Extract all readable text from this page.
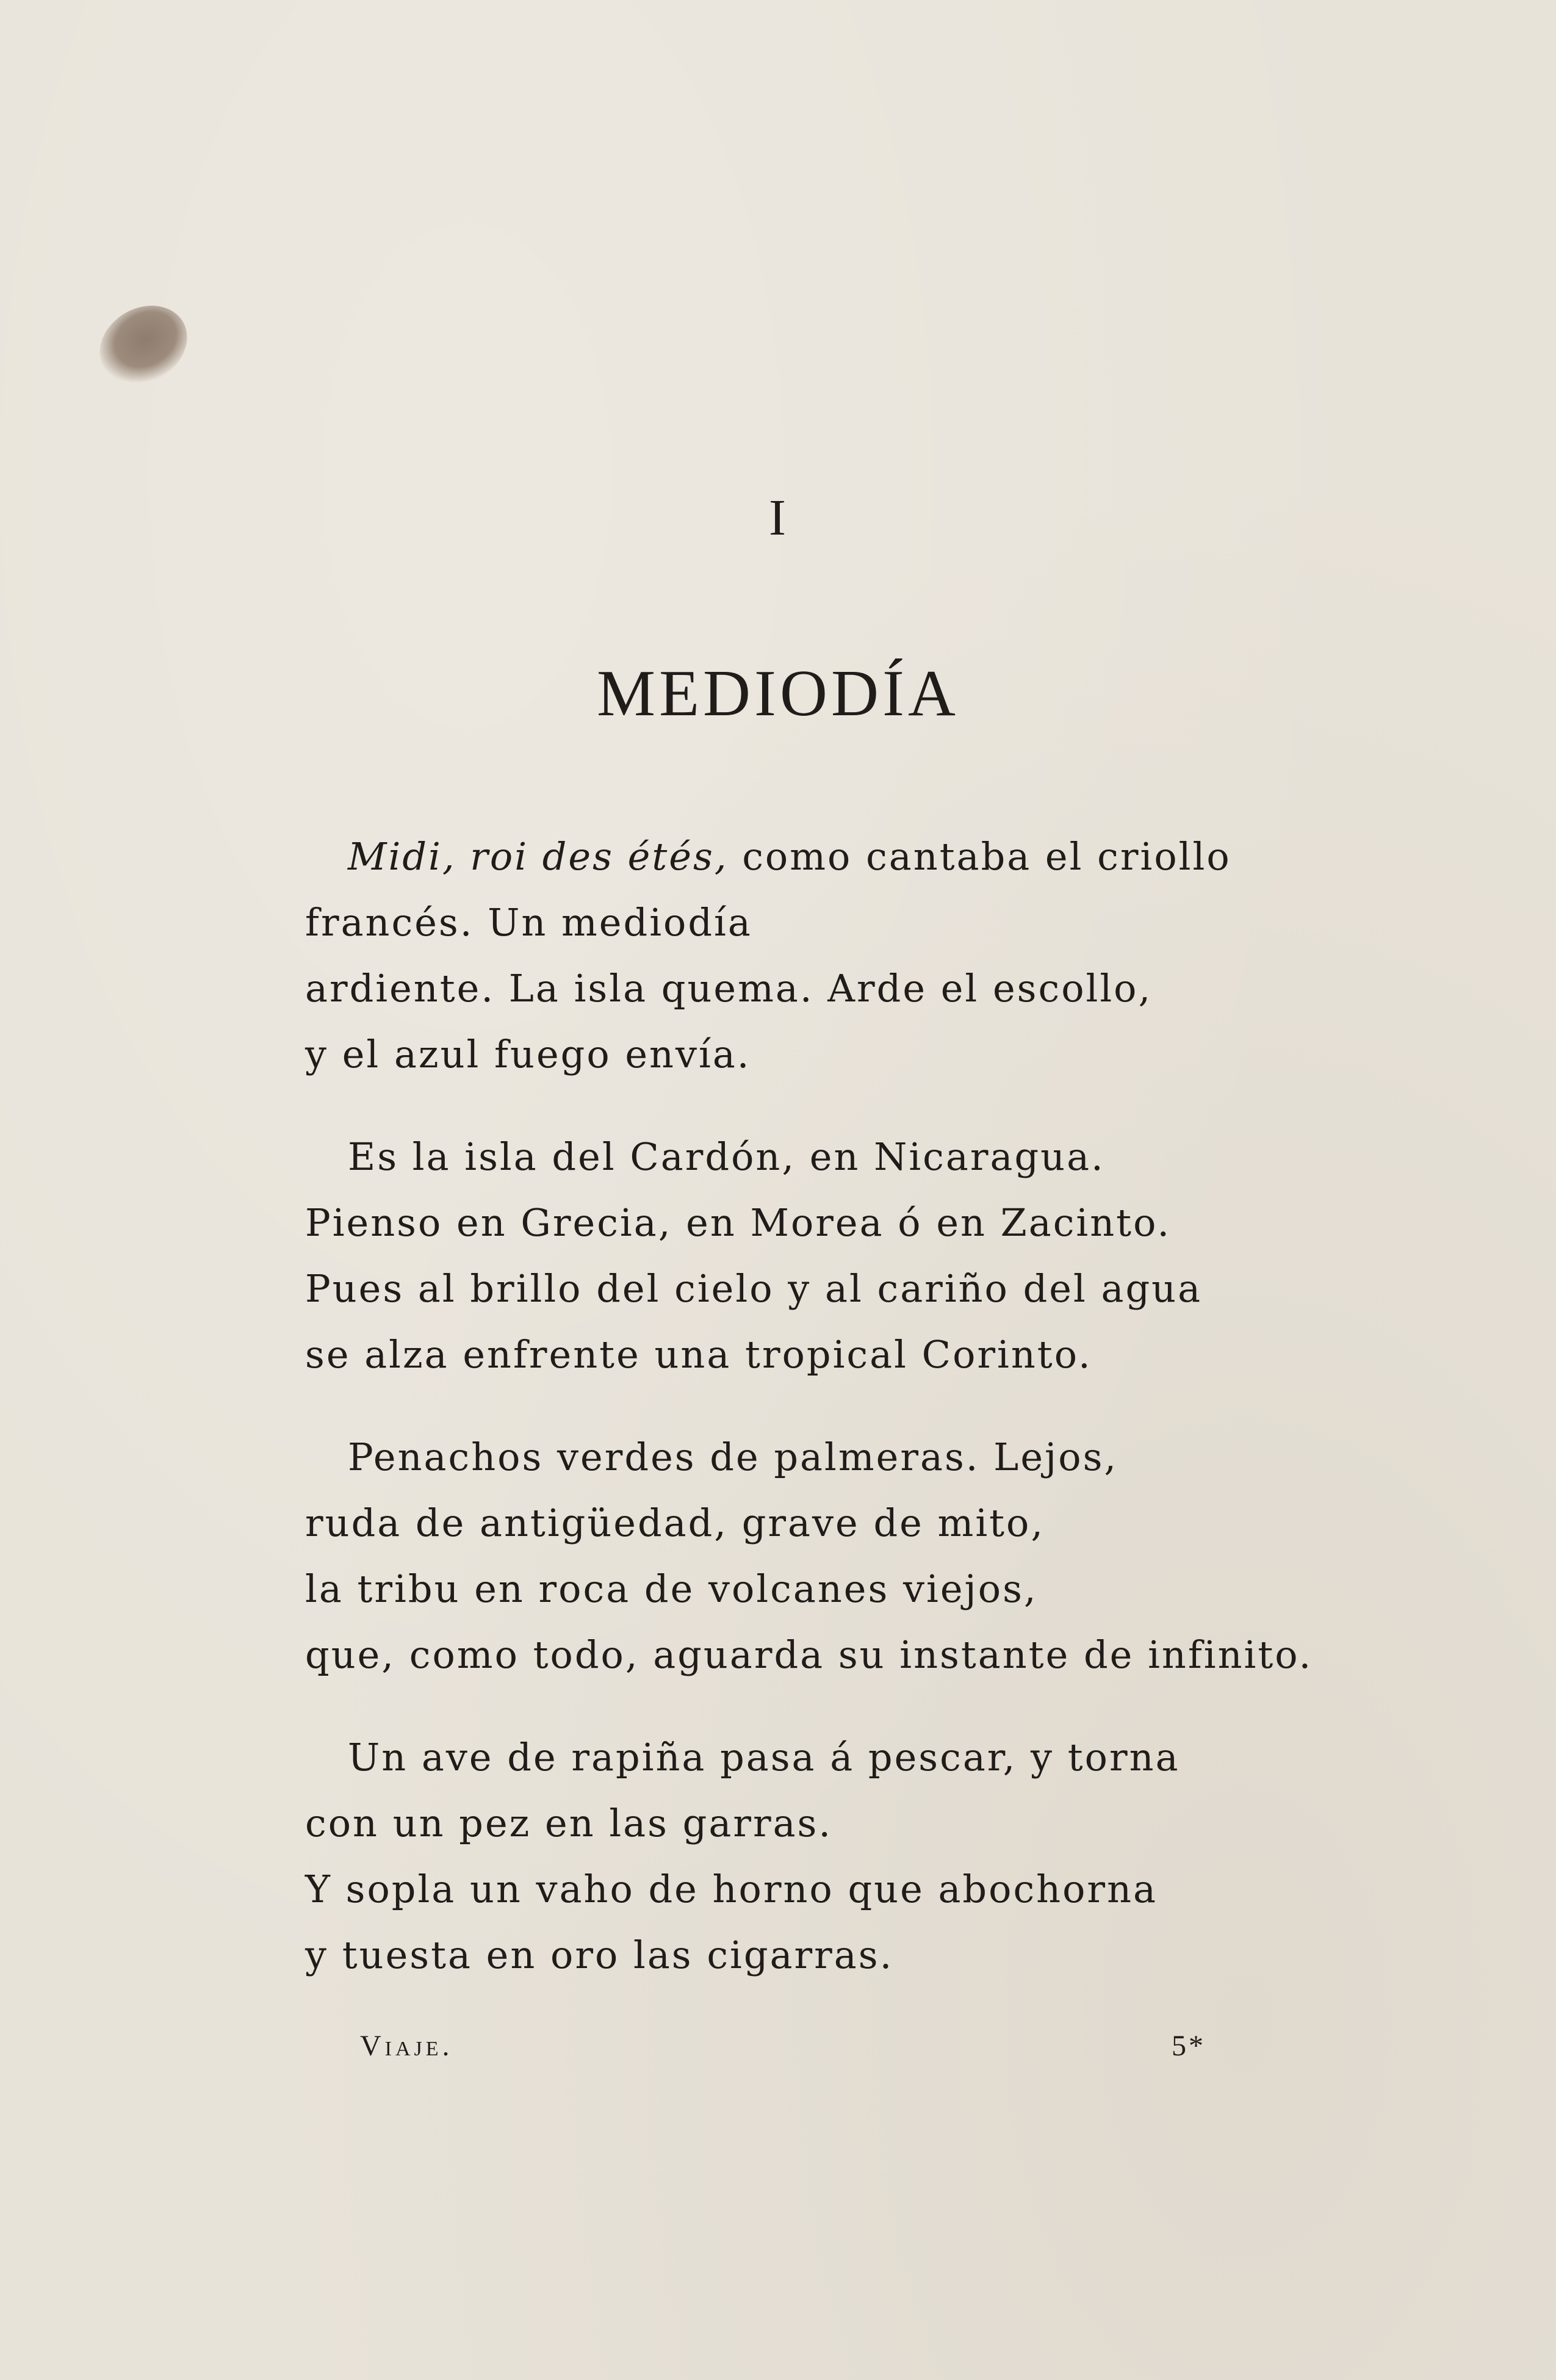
I
MEDIODÍA
Midi, roi des étés, como cantaba el criollo
francés. Un mediodía
ardiente. La isla quema. Arde el escollo,
y el azul fuego envía.
Es la isla del Cardón, en Nicaragua.
Pienso en Grecia, en Morea ó en Zacinto.
Pues al brillo del cielo y al cariño del agua
se alza enfrente una tropical Corinto.
Penachos verdes de palmeras. Lejos,
ruda de antigüedad, grave de mito,
la tribu en roca de volcanes viejos,
que, como todo, aguarda su instante de infinito.
Un ave de rapiña pasa á pescar, y torna
con un pez en las garras.
Y sopla un vaho de horno que abochorna
y tuesta en oro las cigarras.
Viaje.	5*
